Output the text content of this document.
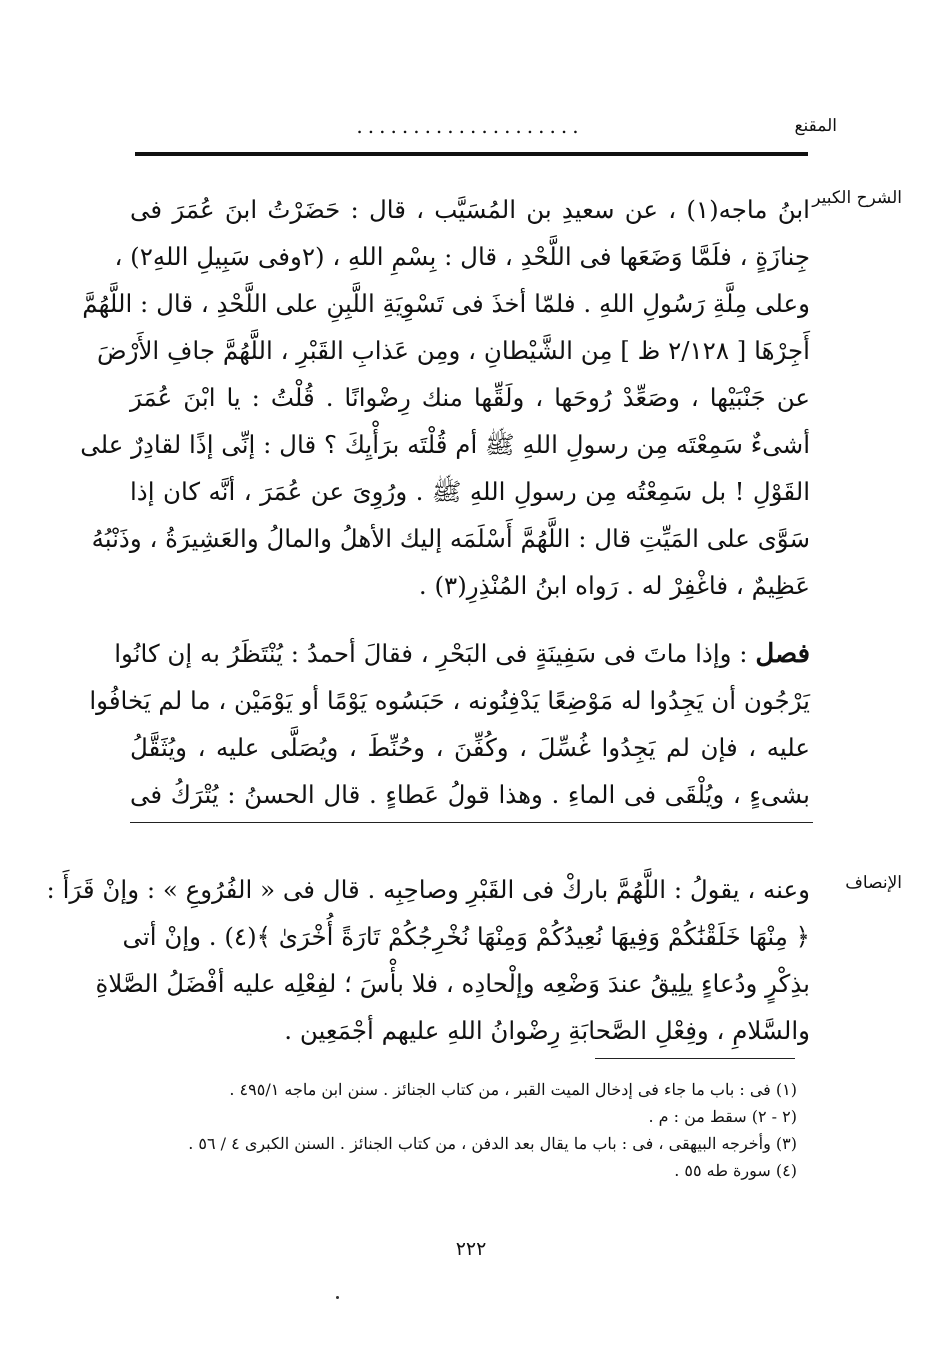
المقنع
....................
الشرح الكبير
الإنصاف
ابنُ ماجه(١) ، عن سعيدِ بن المُسَيَّب ، قال : حَضَرْتُ ابنَ عُمَرَ فى
جِنازَةٍ ، فلَمَّا وَضَعَها فى اللَّحْدِ ، قال : بِسْمِ اللهِ ، (٢وفى سَبِيلِ اللهِ٢) ،
وعلى مِلَّةِ رَسُولِ اللهِ . فلمّا أخذَ فى تَسْوِيَةِ اللَّبِنِ على اللَّحْدِ ، قال : اللَّهُمَّ
أَجِرْهَا [ ٢/١٢٨ ظ ] مِن الشَّيْطانِ ، ومِن عَذابِ القَبْرِ ، اللَّهُمَّ جافِ الأَرْضَ
عن جَنْبَيْها ، وصَعِّدْ رُوحَها ، ولَقِّها منك رِضْوانًا . قُلْتُ : يا ابْنَ عُمَرَ
أشىءٌ سَمِعْتَه مِن رسولِ اللهِ ﷺ أم قُلْتَه برَأْيِكَ ؟ قال : إنِّى إذًا لقادِرٌ على
القَوْلِ ! بل سَمِعْتُه مِن رسولِ اللهِ ﷺ . ورُوِىَ عن عُمَرَ ، أنَّه كان إذا
سَوَّى على المَيِّتِ قال : اللَّهُمَّ أَسْلَمَه إليك الأهلُ والمالُ والعَشِيرَةُ ، وذَنْبُهُ
عَظِيمٌ ، فاغْفِرْ له . رَواه ابنُ المُنْذِرِ(٣) .
فصل : وإذا ماتَ فى سَفِينَةٍ فى البَحْرِ ، فقالَ أحمدُ : يُنْتَظَرُ به إن كانُوا
يَرْجُون أن يَجِدُوا له مَوْضِعًا يَدْفِنُونه ، حَبَسُوه يَوْمًا أو يَوْمَيْن ، ما لم يَخافُوا
عليه ، فإن لم يَجِدُوا غُسِّلَ ، وكُفِّنَ ، وحُنِّطَ ، ويُصَلَّى عليه ، ويُثَقَّلُ
بشىءٍ ، ويُلْقَى فى الماءِ . وهذا قولُ عَطاءٍ . قال الحسنُ : يُتْرَكُ فى
وعنه ، يقولُ : اللَّهُمَّ باركْ فى القَبْرِ وصاحِبِه . قال فى « الفُرُوعِ » : وإنْ قَرَأَ :
﴿ مِنْهَا خَلَقْنَٰكُمْ وَفِيهَا نُعِيدُكُمْ وَمِنْهَا نُخْرِجُكُمْ تَارَةً أُخْرَىٰ ﴾(٤) . وإنْ أتى
بذِكْرٍ ودُعاءٍ يلِيقُ عندَ وَضْعِه وإلْحادِه ، فلا بأْسَ ؛ لفِعْلِه عليه أفْضَلُ الصَّلاةِ
والسَّلامِ ، وفِعْلِ الصَّحابَةِ رِضْوانُ اللهِ عليهم أجْمَعِين .
(١) فى : باب ما جاء فى إدخال الميت القبر ، من كتاب الجنائز . سنن ابن ماجه ٤٩٥/١ .
(٢ - ٢) سقط من : م .
(٣) وأخرجه البيهقى ، فى : باب ما يقال بعد الدفن ، من كتاب الجنائز . السنن الكبرى ٤ / ٥٦ .
(٤) سورة طه ٥٥ .
٢٢٢
